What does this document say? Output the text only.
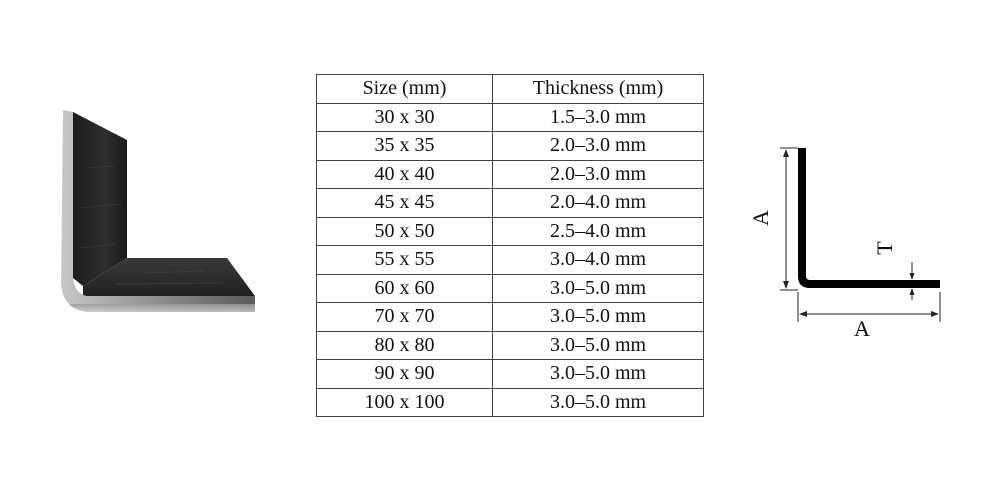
Size (mm)	Thickness (mm)
30 x 30	1.5–3.0 mm
35 x 35	2.0–3.0 mm
40 x 40	2.0–3.0 mm
45 x 45	2.0–4.0 mm
50 x 50	2.5–4.0 mm
55 x 55	3.0–4.0 mm
60 x 60	3.0–5.0 mm
70 x 70	3.0–5.0 mm
80 x 80	3.0–5.0 mm
90 x 90	3.0–5.0 mm
100 x 100	3.0–5.0 mm
A
A
T
